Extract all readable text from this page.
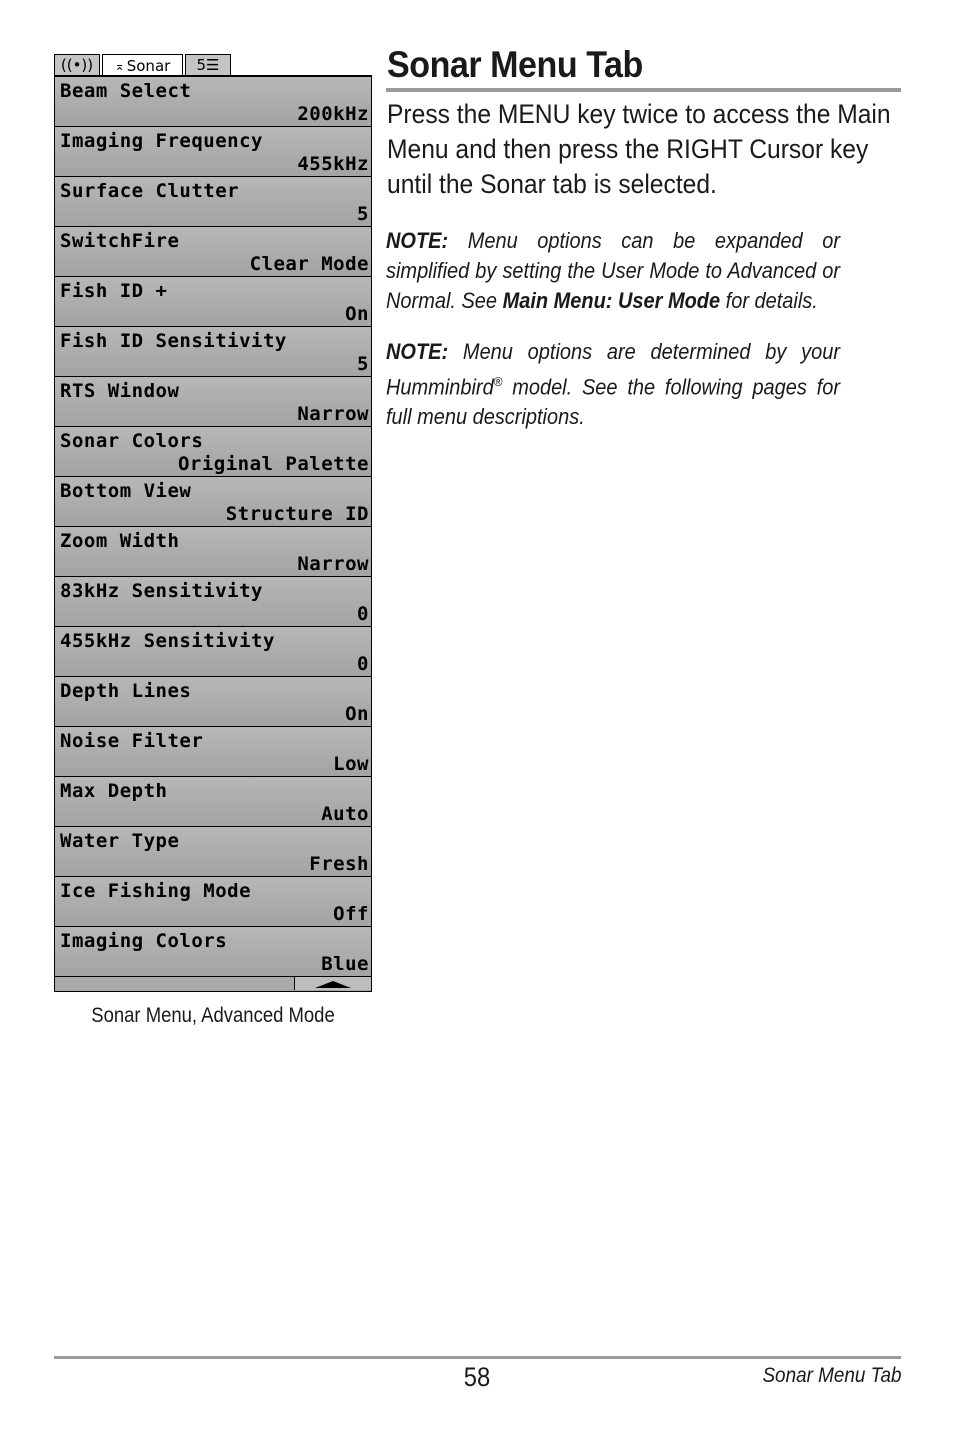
((•)) ⌅ Sonar 5☰
Beam Select
200kHz
Imaging Frequency
455kHz
Surface Clutter
5
SwitchFire
Clear Mode
Fish ID +
On
Fish ID Sensitivity
5
RTS Window
Narrow
Sonar Colors
Original Palette
Bottom View
Structure ID
Zoom Width
Narrow
83kHz Sensitivity
0
455kHz Sensitivity
0
Depth Lines
On
Noise Filter
Low
Max Depth
Auto
Water Type
Fresh
Ice Fishing Mode
Off
Imaging Colors
Blue
Sonar Menu, Advanced Mode
Sonar Menu Tab
Press the MENU key twice to access the Main Menu and then press the RIGHT Cursor key until the Sonar tab is selected.
NOTE: Menu options can be expanded or simplified by setting the User Mode to Advanced or Normal. See Main Menu: User Mode for details.
NOTE: Menu options are determined by your Humminbird® model. See the following pages for full menu descriptions.
58	Sonar Menu Tab
